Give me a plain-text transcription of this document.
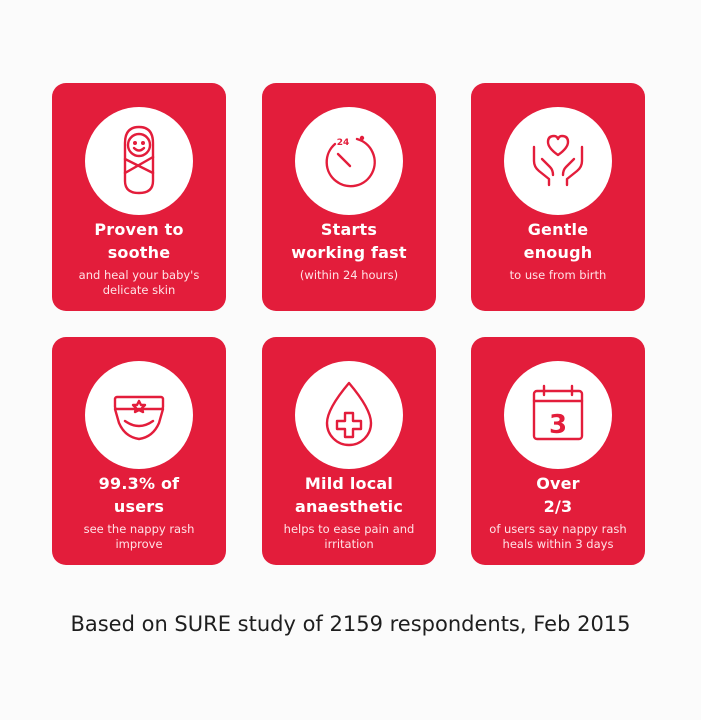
Proven to
soothe
and heal your baby's
delicate skin
24
Starts
working fast
(within 24 hours)
Gentle
enough
to use from birth
99.3% of
users
see the nappy rash
improve
Mild local
anaesthetic
helps to ease pain and
irritation
3
Over
2/3
of users say nappy rash
heals within 3 days
Based on SURE study of 2159 respondents, Feb 2015
